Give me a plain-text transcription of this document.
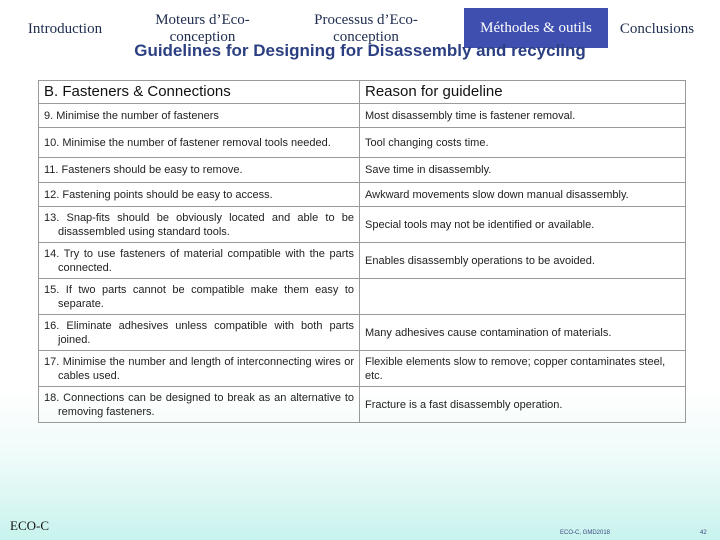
Introduction
Moteurs d’Eco-conception
Processus d’Eco-conception
Méthodes & outils	Conclusions
Guidelines for Designing for Disassembly and recycling
B. Fasteners & Connections	Reason for guideline
9. Minimise the number of fasteners	Most disassembly time is fastener removal.
10. Minimise the number of fastener removal tools needed.	Tool changing costs time.
11. Fasteners should be easy to remove.	Save time in disassembly.
12. Fastening points should be easy to access.	Awkward movements slow down manual disassembly.
13. Snap-fits should be obviously located and able to be disassembled using standard tools.	Special tools may not be identified or available.
14. Try to use fasteners of material compatible with the parts connected.	Enables disassembly operations to be avoided.
15. If two parts cannot be compatible make them easy to separate.	
16. Eliminate adhesives unless compatible with both parts joined.	Many adhesives cause contamination of materials.
17. Minimise the number and length of interconnecting wires or cables used.	Flexible elements slow to remove; copper contaminates steel, etc.
18. Connections can be designed to break as an alternative to removing fasteners.	Fracture is a fast disassembly operation.
ECO-C	ECO-C, GMD2018	42
